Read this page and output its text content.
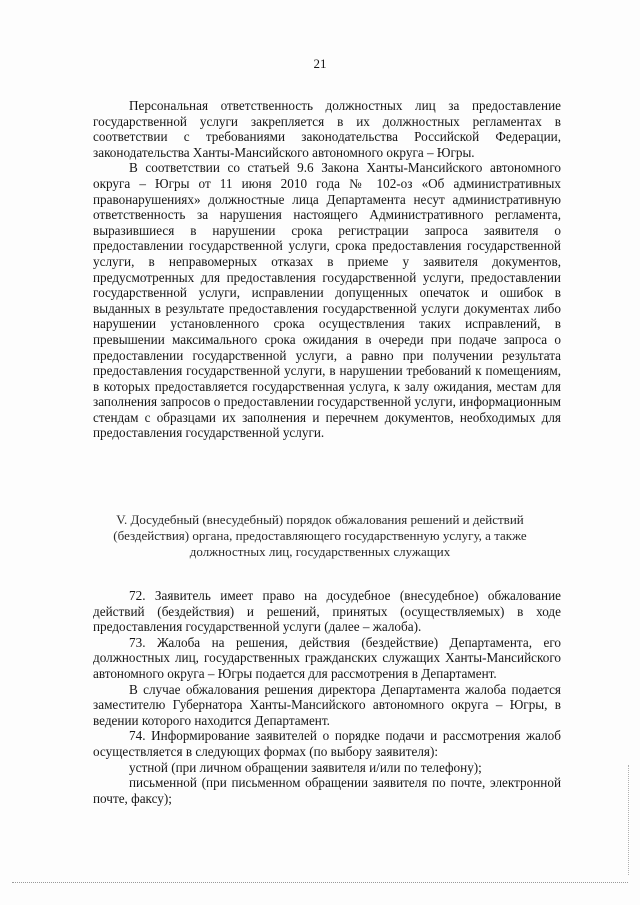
21

Персональная ответственность должностных лиц за предоставление государственной услуги закрепляется в их должностных регламентах в соответствии с требованиями законодательства Российской Федерации, законодательства Ханты-Мансийского автономного округа – Югры.

В соответствии со статьей 9.6 Закона Ханты-Мансийского автономного округа – Югры от 11 июня 2010 года № 102-оз «Об административных правонарушениях» должностные лица Департамента несут административную ответственность за нарушения настоящего Административного регламента, выразившиеся в нарушении срока регистрации запроса заявителя о предоставлении государственной услуги, срока предоставления государственной услуги, в неправомерных отказах в приеме у заявителя документов, предусмотренных для предоставления государственной услуги, предоставлении государственной услуги, исправлении допущенных опечаток и ошибок в выданных в результате предоставления государственной услуги документах либо нарушении установленного срока осуществления таких исправлений, в превышении максимального срока ожидания в очереди при подаче запроса о предоставлении государственной услуги, а равно при получении результата предоставления государственной услуги, в нарушении требований к помещениям, в которых предоставляется государственная услуга, к залу ожидания, местам для заполнения запросов о предоставлении государственной услуги, информационным стендам с образцами их заполнения и перечнем документов, необходимых для предоставления государственной услуги.

V. Досудебный (внесудебный) порядок обжалования решений и действий (бездействия) органа, предоставляющего государственную услугу, а также должностных лиц, государственных служащих

72. Заявитель имеет право на досудебное (внесудебное) обжалование действий (бездействия) и решений, принятых (осуществляемых) в ходе предоставления государственной услуги (далее – жалоба).

73. Жалоба на решения, действия (бездействие) Департамента, его должностных лиц, государственных гражданских служащих Ханты-Мансийского автономного округа – Югры подается для рассмотрения в Департамент.

В случае обжалования решения директора Департамента жалоба подается заместителю Губернатора Ханты-Мансийского автономного округа – Югры, в ведении которого находится Департамент.

74. Информирование заявителей о порядке подачи и рассмотрения жалоб осуществляется в следующих формах (по выбору заявителя):

устной (при личном обращении заявителя и/или по телефону);

письменной (при письменном обращении заявителя по почте, электронной почте, факсу);
